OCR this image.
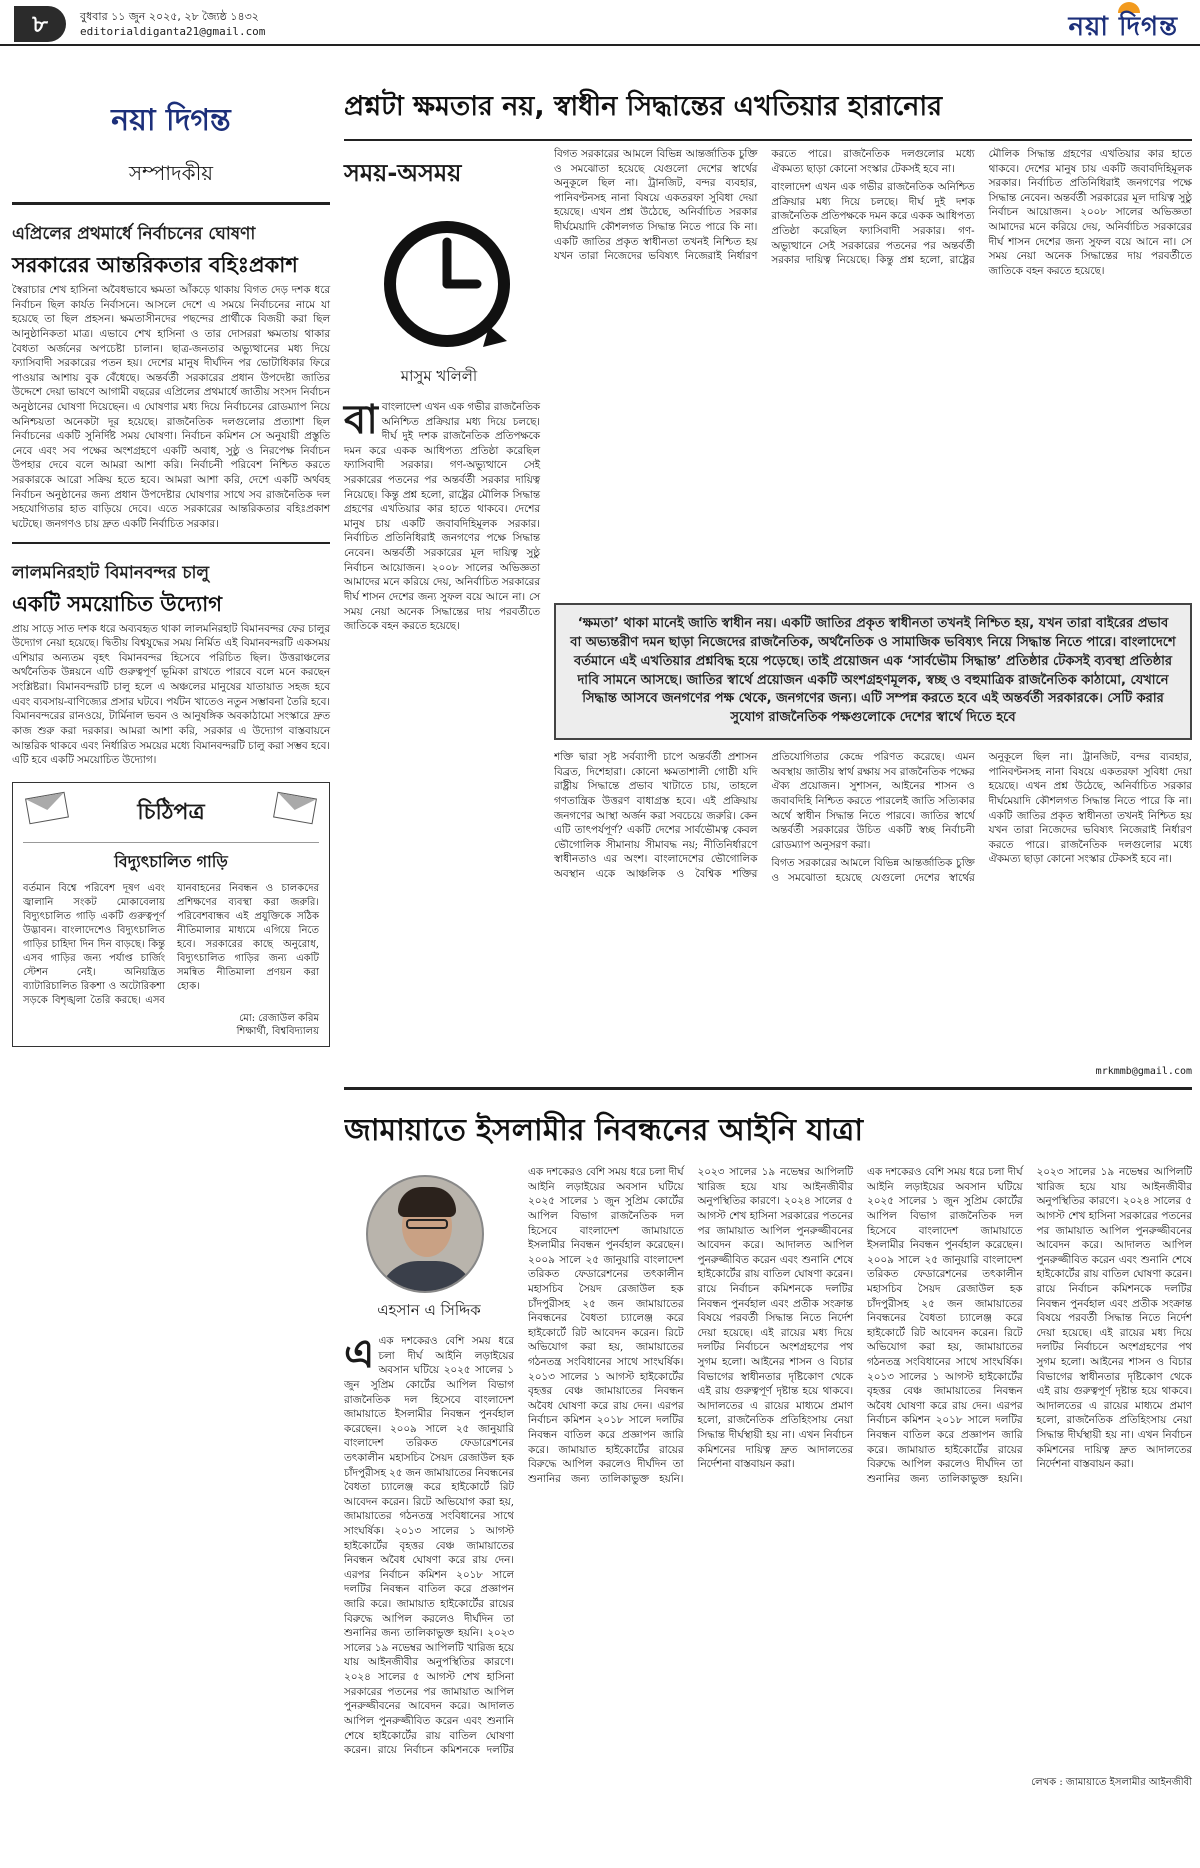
৮	বুধবার ১১ জুন ২০২৫, ২৮ জ্যৈষ্ঠ ১৪৩২
editorialdiganta21@gmail.com	নয়া দিগন্ত
নয়া দিগন্ত
সম্পাদকীয়
এপ্রিলের প্রথমার্ধে নির্বাচনের ঘোষণা
সরকারের আন্তরিকতার বহিঃপ্রকাশ
স্বৈরাচার শেখ হাসিনা অবৈধভাবে ক্ষমতা আঁকড়ে থাকায় বিগত দেড় দশক ধরে নির্বাচন ছিল কার্যত নির্বাসনে। আসলে দেশে এ সময়ে নির্বাচনের নামে যা হয়েছে তা ছিল প্রহসন। ক্ষমতাসীনদের পছন্দের প্রার্থীকে বিজয়ী করা ছিল আনুষ্ঠানিকতা মাত্র। এভাবে শেখ হাসিনা ও তার দোসররা ক্ষমতায় থাকার বৈধতা অর্জনের অপচেষ্টা চালান। ছাত্র-জনতার অভ্যুত্থানের মধ্য দিয়ে ফ্যাসিবাদী সরকারের পতন হয়। দেশের মানুষ দীর্ঘদিন পর ভোটাধিকার ফিরে পাওয়ার আশায় বুক বেঁধেছে। অন্তর্বর্তী সরকারের প্রধান উপদেষ্টা জাতির উদ্দেশে দেয়া ভাষণে আগামী বছরের এপ্রিলের প্রথমার্ধে জাতীয় সংসদ নির্বাচন অনুষ্ঠানের ঘোষণা দিয়েছেন। এ ঘোষণার মধ্য দিয়ে নির্বাচনের রোডম্যাপ নিয়ে অনিশ্চয়তা অনেকটা দূর হয়েছে। রাজনৈতিক দলগুলোর প্রত্যাশা ছিল নির্বাচনের একটি সুনির্দিষ্ট সময় ঘোষণা। নির্বাচন কমিশন সে অনুযায়ী প্রস্তুতি নেবে এবং সব পক্ষের অংশগ্রহণে একটি অবাধ, সুষ্ঠু ও নিরপেক্ষ নির্বাচন উপহার দেবে বলে আমরা আশা করি। নির্বাচনী পরিবেশ নিশ্চিত করতে সরকারকে আরো সক্রিয় হতে হবে। আমরা আশা করি, দেশে একটি অর্থবহ নির্বাচন অনুষ্ঠানের জন্য প্রধান উপদেষ্টার ঘোষণার সাথে সব রাজনৈতিক দল সহযোগিতার হাত বাড়িয়ে দেবে। এতে সরকারের আন্তরিকতার বহিঃপ্রকাশ ঘটেছে। জনগণও চায় দ্রুত একটি নির্বাচিত সরকার।
লালমনিরহাট বিমানবন্দর চালু
একটি সময়োচিত উদ্যোগ
প্রায় সাড়ে সাত দশক ধরে অব্যবহৃত থাকা লালমনিরহাট বিমানবন্দর ফের চালুর উদ্যোগ নেয়া হয়েছে। দ্বিতীয় বিশ্বযুদ্ধের সময় নির্মিত এই বিমানবন্দরটি একসময় এশিয়ার অন্যতম বৃহৎ বিমানবন্দর হিসেবে পরিচিত ছিল। উত্তরাঞ্চলের অর্থনৈতিক উন্নয়নে এটি গুরুত্বপূর্ণ ভূমিকা রাখতে পারবে বলে মনে করছেন সংশ্লিষ্টরা। বিমানবন্দরটি চালু হলে এ অঞ্চলের মানুষের যাতায়াত সহজ হবে এবং ব্যবসায়-বাণিজ্যের প্রসার ঘটবে। পর্যটন খাতেও নতুন সম্ভাবনা তৈরি হবে। বিমানবন্দরের রানওয়ে, টার্মিনাল ভবন ও আনুষঙ্গিক অবকাঠামো সংস্কারে দ্রুত কাজ শুরু করা দরকার। আমরা আশা করি, সরকার এ উদ্যোগ বাস্তবায়নে আন্তরিক থাকবে এবং নির্ধারিত সময়ের মধ্যে বিমানবন্দরটি চালু করা সম্ভব হবে। এটি হবে একটি সময়োচিত উদ্যোগ।
চিঠিপত্র
বিদ্যুৎচালিত গাড়ি
বর্তমান বিশ্বে পরিবেশ দূষণ এবং জ্বালানি সংকট মোকাবেলায় বিদ্যুৎচালিত গাড়ি একটি গুরুত্বপূর্ণ উদ্ভাবন। বাংলাদেশেও বিদ্যুৎচালিত গাড়ির চাহিদা দিন দিন বাড়ছে। কিন্তু এসব গাড়ির জন্য পর্যাপ্ত চার্জিং স্টেশন নেই। অনিয়ন্ত্রিত ব্যাটারিচালিত রিকশা ও অটোরিকশা সড়কে বিশৃঙ্খলা তৈরি করছে। এসব যানবাহনের নিবন্ধন ও চালকদের প্রশিক্ষণের ব্যবস্থা করা জরুরি। পরিবেশবান্ধব এই প্রযুক্তিকে সঠিক নীতিমালার মাধ্যমে এগিয়ে নিতে হবে। সরকারের কাছে অনুরোধ, বিদ্যুৎচালিত গাড়ির জন্য একটি সমন্বিত নীতিমালা প্রণয়ন করা হোক।
মো: রেজাউল করিম
শিক্ষার্থী, বিশ্ববিদ্যালয়
প্রশ্নটা ক্ষমতার নয়, স্বাধীন সিদ্ধান্তের এখতিয়ার হারানোর
সময়-অসময়
মাসুম খলিলী

বাবাংলাদেশ এখন এক গভীর রাজনৈতিক অনিশ্চিত প্রক্রিয়ার মধ্য দিয়ে চলছে। দীর্ঘ দুই দশক রাজনৈতিক প্রতিপক্ষকে দমন করে একক আধিপত্য প্রতিষ্ঠা করেছিল ফ্যাসিবাদী সরকার। গণ-অভ্যুত্থানে সেই সরকারের পতনের পর অন্তর্বর্তী সরকার দায়িত্ব নিয়েছে। কিন্তু প্রশ্ন হলো, রাষ্ট্রের মৌলিক সিদ্ধান্ত গ্রহণের এখতিয়ার কার হাতে থাকবে। দেশের মানুষ চায় একটি জবাবদিহিমূলক সরকার। নির্বাচিত প্রতিনিধিরাই জনগণের পক্ষে সিদ্ধান্ত নেবেন। অন্তর্বর্তী সরকারের মূল দায়িত্ব সুষ্ঠু নির্বাচন আয়োজন। ২০০৮ সালের অভিজ্ঞতা আমাদের মনে করিয়ে দেয়, অনির্বাচিত সরকারের দীর্ঘ শাসন দেশের জন্য সুফল বয়ে আনে না। সে সময় নেয়া অনেক সিদ্ধান্তের দায় পরবর্তীতে জাতিকে বহন করতে হয়েছে।

বিগত সরকারের আমলে বিভিন্ন আন্তর্জাতিক চুক্তি ও সমঝোতা হয়েছে যেগুলো দেশের স্বার্থের অনুকূলে ছিল না। ট্রানজিট, বন্দর ব্যবহার, পানিবণ্টনসহ নানা বিষয়ে একতরফা সুবিধা দেয়া হয়েছে। এখন প্রশ্ন উঠেছে, অনির্বাচিত সরকার দীর্ঘমেয়াদি কৌশলগত সিদ্ধান্ত নিতে পারে কি না। একটি জাতির প্রকৃত স্বাধীনতা তখনই নিশ্চিত হয় যখন তারা নিজেদের ভবিষ্যৎ নিজেরাই নির্ধারণ করতে পারে। রাজনৈতিক দলগুলোর মধ্যে ঐকমত্য ছাড়া কোনো সংস্কার টেকসই হবে না।

বাংলাদেশ এখন এক গভীর রাজনৈতিক অনিশ্চিত প্রক্রিয়ার মধ্য দিয়ে চলছে। দীর্ঘ দুই দশক রাজনৈতিক প্রতিপক্ষকে দমন করে একক আধিপত্য প্রতিষ্ঠা করেছিল ফ্যাসিবাদী সরকার। গণ-অভ্যুত্থানে সেই সরকারের পতনের পর অন্তর্বর্তী সরকার দায়িত্ব নিয়েছে। কিন্তু প্রশ্ন হলো, রাষ্ট্রের মৌলিক সিদ্ধান্ত গ্রহণের এখতিয়ার কার হাতে থাকবে। দেশের মানুষ চায় একটি জবাবদিহিমূলক সরকার। নির্বাচিত প্রতিনিধিরাই জনগণের পক্ষে সিদ্ধান্ত নেবেন। অন্তর্বর্তী সরকারের মূল দায়িত্ব সুষ্ঠু নির্বাচন আয়োজন। ২০০৮ সালের অভিজ্ঞতা আমাদের মনে করিয়ে দেয়, অনির্বাচিত সরকারের দীর্ঘ শাসন দেশের জন্য সুফল বয়ে আনে না। সে সময় নেয়া অনেক সিদ্ধান্তের দায় পরবর্তীতে জাতিকে বহন করতে হয়েছে।

‘ক্ষমতা’ থাকা মানেই জাতি স্বাধীন নয়। একটি জাতির প্রকৃত স্বাধীনতা তখনই নিশ্চিত হয়, যখন তারা বাইরের প্রভাব বা অভ্যন্তরীণ দমন ছাড়া নিজেদের রাজনৈতিক, অর্থনৈতিক ও সামাজিক ভবিষ্যৎ নিয়ে সিদ্ধান্ত নিতে পারে। বাংলাদেশে বর্তমানে এই এখতিয়ার প্রশ্নবিদ্ধ হয়ে পড়েছে। তাই প্রয়োজন এক ‘সার্বভৌম সিদ্ধান্ত’ প্রতিষ্ঠার টেকসই ব্যবস্থা প্রতিষ্ঠার দাবি সামনে আসছে। জাতির স্বার্থে প্রয়োজন একটি অংশগ্রহণমূলক, স্বচ্ছ ও বহুমাত্রিক রাজনৈতিক কাঠামো, যেখানে সিদ্ধান্ত আসবে জনগণের পক্ষ থেকে, জনগণের জন্য। এটি সম্পন্ন করতে হবে এই অন্তর্বর্তী সরকারকে। সেটি করার সুযোগ রাজনৈতিক পক্ষগুলোকে দেশের স্বার্থে দিতে হবে

শক্তি দ্বারা সৃষ্ট সর্বব্যাপী চাপে অন্তর্বর্তী প্রশাসন বিব্রত, দিশেহারা। কোনো ক্ষমতাশালী গোষ্ঠী যদি রাষ্ট্রীয় সিদ্ধান্তে প্রভাব খাটাতে চায়, তাহলে গণতান্ত্রিক উত্তরণ বাধাগ্রস্ত হবে। এই প্রক্রিয়ায় জনগণের আস্থা অর্জন করা সবচেয়ে জরুরি। কেন এটি তাৎপর্যপূর্ণ? একটি দেশের সার্বভৌমত্ব কেবল ভৌগোলিক সীমানায় সীমাবদ্ধ নয়; নীতিনির্ধারণে স্বাধীনতাও এর অংশ। বাংলাদেশের ভৌগোলিক অবস্থান একে আঞ্চলিক ও বৈশ্বিক শক্তির প্রতিযোগিতার কেন্দ্রে পরিণত করেছে। এমন অবস্থায় জাতীয় স্বার্থ রক্ষায় সব রাজনৈতিক পক্ষের ঐক্য প্রয়োজন। সুশাসন, আইনের শাসন ও জবাবদিহি নিশ্চিত করতে পারলেই জাতি সত্যিকার অর্থে স্বাধীন সিদ্ধান্ত নিতে পারবে। জাতির স্বার্থে অন্তর্বর্তী সরকারের উচিত একটি স্বচ্ছ নির্বাচনী রোডম্যাপ অনুসরণ করা।

বিগত সরকারের আমলে বিভিন্ন আন্তর্জাতিক চুক্তি ও সমঝোতা হয়েছে যেগুলো দেশের স্বার্থের অনুকূলে ছিল না। ট্রানজিট, বন্দর ব্যবহার, পানিবণ্টনসহ নানা বিষয়ে একতরফা সুবিধা দেয়া হয়েছে। এখন প্রশ্ন উঠেছে, অনির্বাচিত সরকার দীর্ঘমেয়াদি কৌশলগত সিদ্ধান্ত নিতে পারে কি না। একটি জাতির প্রকৃত স্বাধীনতা তখনই নিশ্চিত হয় যখন তারা নিজেদের ভবিষ্যৎ নিজেরাই নির্ধারণ করতে পারে। রাজনৈতিক দলগুলোর মধ্যে ঐকমত্য ছাড়া কোনো সংস্কার টেকসই হবে না।

mrkmmb@gmail.com
জামায়াতে ইসলামীর নিবন্ধনের আইনি যাত্রা
এহসান এ সিদ্দিক

এএক দশকেরও বেশি সময় ধরে চলা দীর্ঘ আইনি লড়াইয়ের অবসান ঘটিয়ে ২০২৫ সালের ১ জুন সুপ্রিম কোর্টের আপিল বিভাগ রাজনৈতিক দল হিসেবে বাংলাদেশ জামায়াতে ইসলামীর নিবন্ধন পুনর্বহাল করেছেন। ২০০৯ সালে ২৫ জানুয়ারি বাংলাদেশ তরিকত ফেডারেশনের তৎকালীন মহাসচিব সৈয়দ রেজাউল হক চাঁদপুরীসহ ২৫ জন জামায়াতের নিবন্ধনের বৈধতা চ্যালেঞ্জ করে হাইকোর্টে রিট আবেদন করেন। রিটে অভিযোগ করা হয়, জামায়াতের গঠনতন্ত্র সংবিধানের সাথে সাংঘর্ষিক। ২০১৩ সালের ১ আগস্ট হাইকোর্টের বৃহত্তর বেঞ্চ জামায়াতের নিবন্ধন অবৈধ ঘোষণা করে রায় দেন। এরপর নির্বাচন কমিশন ২০১৮ সালে দলটির নিবন্ধন বাতিল করে প্রজ্ঞাপন জারি করে। জামায়াত হাইকোর্টের রায়ের বিরুদ্ধে আপিল করলেও দীর্ঘদিন তা শুনানির জন্য তালিকাভুক্ত হয়নি। ২০২৩ সালের ১৯ নভেম্বর আপিলটি খারিজ হয়ে যায় আইনজীবীর অনুপস্থিতির কারণে। ২০২৪ সালের ৫ আগস্ট শেখ হাসিনা সরকারের পতনের পর জামায়াত আপিল পুনরুজ্জীবনের আবেদন করে। আদালত আপিল পুনরুজ্জীবিত করেন এবং শুনানি শেষে হাইকোর্টের রায় বাতিল ঘোষণা করেন। রায়ে নির্বাচন কমিশনকে দলটির

এক দশকেরও বেশি সময় ধরে চলা দীর্ঘ আইনি লড়াইয়ের অবসান ঘটিয়ে ২০২৫ সালের ১ জুন সুপ্রিম কোর্টের আপিল বিভাগ রাজনৈতিক দল হিসেবে বাংলাদেশ জামায়াতে ইসলামীর নিবন্ধন পুনর্বহাল করেছেন। ২০০৯ সালে ২৫ জানুয়ারি বাংলাদেশ তরিকত ফেডারেশনের তৎকালীন মহাসচিব সৈয়দ রেজাউল হক চাঁদপুরীসহ ২৫ জন জামায়াতের নিবন্ধনের বৈধতা চ্যালেঞ্জ করে হাইকোর্টে রিট আবেদন করেন। রিটে অভিযোগ করা হয়, জামায়াতের গঠনতন্ত্র সংবিধানের সাথে সাংঘর্ষিক। ২০১৩ সালের ১ আগস্ট হাইকোর্টের বৃহত্তর বেঞ্চ জামায়াতের নিবন্ধন অবৈধ ঘোষণা করে রায় দেন। এরপর নির্বাচন কমিশন ২০১৮ সালে দলটির নিবন্ধন বাতিল করে প্রজ্ঞাপন জারি করে। জামায়াত হাইকোর্টের রায়ের বিরুদ্ধে আপিল করলেও দীর্ঘদিন তা শুনানির জন্য তালিকাভুক্ত হয়নি। ২০২৩ সালের ১৯ নভেম্বর আপিলটি খারিজ হয়ে যায় আইনজীবীর অনুপস্থিতির কারণে। ২০২৪ সালের ৫ আগস্ট শেখ হাসিনা সরকারের পতনের পর জামায়াত আপিল পুনরুজ্জীবনের আবেদন করে। আদালত আপিল পুনরুজ্জীবিত করেন এবং শুনানি শেষে হাইকোর্টের রায় বাতিল ঘোষণা করেন। রায়ে নির্বাচন কমিশনকে দলটির নিবন্ধন পুনর্বহাল এবং প্রতীক সংক্রান্ত বিষয়ে পরবর্তী সিদ্ধান্ত নিতে নির্দেশ দেয়া হয়েছে। এই রায়ের মধ্য দিয়ে দলটির নির্বাচনে অংশগ্রহণের পথ সুগম হলো। আইনের শাসন ও বিচার বিভাগের স্বাধীনতার দৃষ্টিকোণ থেকে এই রায় গুরুত্বপূর্ণ দৃষ্টান্ত হয়ে থাকবে। আদালতের এ রায়ের মাধ্যমে প্রমাণ হলো, রাজনৈতিক প্রতিহিংসায় নেয়া সিদ্ধান্ত দীর্ঘস্থায়ী হয় না। এখন নির্বাচন কমিশনের দায়িত্ব দ্রুত আদালতের নির্দেশনা বাস্তবায়ন করা।

এক দশকেরও বেশি সময় ধরে চলা দীর্ঘ আইনি লড়াইয়ের অবসান ঘটিয়ে ২০২৫ সালের ১ জুন সুপ্রিম কোর্টের আপিল বিভাগ রাজনৈতিক দল হিসেবে বাংলাদেশ জামায়াতে ইসলামীর নিবন্ধন পুনর্বহাল করেছেন। ২০০৯ সালে ২৫ জানুয়ারি বাংলাদেশ তরিকত ফেডারেশনের তৎকালীন মহাসচিব সৈয়দ রেজাউল হক চাঁদপুরীসহ ২৫ জন জামায়াতের নিবন্ধনের বৈধতা চ্যালেঞ্জ করে হাইকোর্টে রিট আবেদন করেন। রিটে অভিযোগ করা হয়, জামায়াতের গঠনতন্ত্র সংবিধানের সাথে সাংঘর্ষিক। ২০১৩ সালের ১ আগস্ট হাইকোর্টের বৃহত্তর বেঞ্চ জামায়াতের নিবন্ধন অবৈধ ঘোষণা করে রায় দেন। এরপর নির্বাচন কমিশন ২০১৮ সালে দলটির নিবন্ধন বাতিল করে প্রজ্ঞাপন জারি করে। জামায়াত হাইকোর্টের রায়ের বিরুদ্ধে আপিল করলেও দীর্ঘদিন তা শুনানির জন্য তালিকাভুক্ত হয়নি। ২০২৩ সালের ১৯ নভেম্বর আপিলটি খারিজ হয়ে যায় আইনজীবীর অনুপস্থিতির কারণে। ২০২৪ সালের ৫ আগস্ট শেখ হাসিনা সরকারের পতনের পর জামায়াত আপিল পুনরুজ্জীবনের আবেদন করে। আদালত আপিল পুনরুজ্জীবিত করেন এবং শুনানি শেষে হাইকোর্টের রায় বাতিল ঘোষণা করেন। রায়ে নির্বাচন কমিশনকে দলটির নিবন্ধন পুনর্বহাল এবং প্রতীক সংক্রান্ত বিষয়ে পরবর্তী সিদ্ধান্ত নিতে নির্দেশ দেয়া হয়েছে। এই রায়ের মধ্য দিয়ে দলটির নির্বাচনে অংশগ্রহণের পথ সুগম হলো। আইনের শাসন ও বিচার বিভাগের স্বাধীনতার দৃষ্টিকোণ থেকে এই রায় গুরুত্বপূর্ণ দৃষ্টান্ত হয়ে থাকবে। আদালতের এ রায়ের মাধ্যমে প্রমাণ হলো, রাজনৈতিক প্রতিহিংসায় নেয়া সিদ্ধান্ত দীর্ঘস্থায়ী হয় না। এখন নির্বাচন কমিশনের দায়িত্ব দ্রুত আদালতের নির্দেশনা বাস্তবায়ন করা।

লেখক : জামায়াতে ইসলামীর আইনজীবী
